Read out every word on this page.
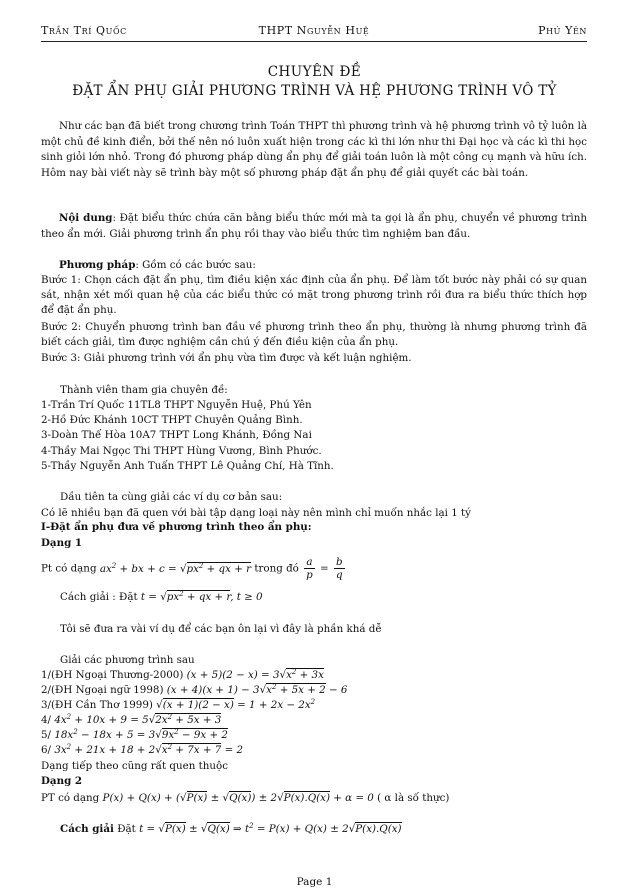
Trần Trí Quốc	THPT Nguyễn Huệ	Phú Yên
CHUYÊN ĐỀ
ĐẶT ẨN PHỤ GIẢI PHƯƠNG TRÌNH VÀ HỆ PHƯƠNG TRÌNH VÔ TỶ
Như các bạn đã biết trong chương trình Toán THPT thì phương trình và hệ phương trình vô tỷ luôn là một chủ đề kinh điển, bởi thế nên nó luôn xuất hiện trong các kì thi lớn như thi Đại học và các kì thi học sinh giỏi lớn nhỏ. Trong đó phương pháp dùng ẩn phụ để giải toán luôn là một công cụ mạnh và hữu ích. Hôm nay bài viết này sẽ trình bày một số phương pháp đặt ẩn phụ để giải quyết các bài toán.
Nội dung: Đặt biểu thức chứa căn bằng biểu thức mới mà ta gọi là ẩn phụ, chuyển về phương trình theo ẩn mới. Giải phương trình ẩn phụ rồi thay vào biểu thức tìm nghiệm ban đầu.
Phương pháp: Gồm có các bước sau:
Bước 1: Chọn cách đặt ẩn phụ, tìm điều kiện xác định của ẩn phụ. Để làm tốt bước này phải có sự quan sát, nhận xét mối quan hệ của các biểu thức có mặt trong phương trình rồi đưa ra biểu thức thích hợp để đặt ẩn phụ.
Bước 2: Chuyển phương trình ban đầu về phương trình theo ẩn phụ, thường là nhưng phương trình đã biết cách giải, tìm được nghiệm cần chú ý đến điều kiện của ẩn phụ.
Bước 3: Giải phương trình với ẩn phụ vừa tìm được và kết luận nghiệm.
Thành viên tham gia chuyên đề:
1-Trần Trí Quốc 11TL8 THPT Nguyễn Huệ, Phú Yên
2-Hồ Đức Khánh 10CT THPT Chuyên Quảng Bình.
3-Doàn Thế Hòa 10A7 THPT Long Khánh, Đồng Nai
4-Thầy Mai Ngọc Thi THPT Hùng Vương, Bình Phước.
5-Thầy Nguyễn Anh Tuấn THPT Lê Quảng Chí, Hà Tĩnh.
Dầu tiên ta cùng giải các ví dụ cơ bản sau:
Có lẽ nhiều bạn đã quen với bài tập dạng loại này nên mình chỉ muốn nhắc lại 1 tý
I-Đặt ẩn phụ đưa về phương trình theo ẩn phụ:
Dạng 1
Pt có dạng $ax^2$ + bx + $c = √px^2$ + qx + r trong đó $\frac{a}{p} = \frac{b}{q}$
Cách giải : Đặt $t = √px^2$ + qx + r, t ≥ 0
Tôi sẽ đưa ra vài ví dụ để các bạn ôn lại vì đây là phần khá dễ
Giải các phương trình sau
1/(ĐH Ngoại Thương-2000) $(x + 5)(2 - x) = 3√x^2 + 3x$
2/(ĐH Ngoại ngữ 1998) $(x + 4)(x + 1) - 3√x^2 + 5x + 2 - 6$
3/(ĐH Cần Thơ 1999) $√(x + 1)(2 - x) = 1 + 2x - 2x^2$
4/ $4x^2 + 10x + 9 = 5√2x^2 + 5x + 3$
5/ $18x^2 - 18x + 5 = 3√9x^2 - 9x + 2$
6/ $3x^2 + 21x + 18 + 2√x^2 + 7x + 7 = 2$
Dạng tiếp theo cũng rất quen thuộc
Dạng 2
PT có dạng P(x) + Q(x) + (√P(x) ± √Q(x)) ± 2√P(x).Q(x) + α = 0 ( α là số thực)
Cách giải Đặt t = √P(x) ± √Q(x) ⇒ $t^2 = P(x) + Q(x) \pm 2√P(x).Q(x)$
Page 1
